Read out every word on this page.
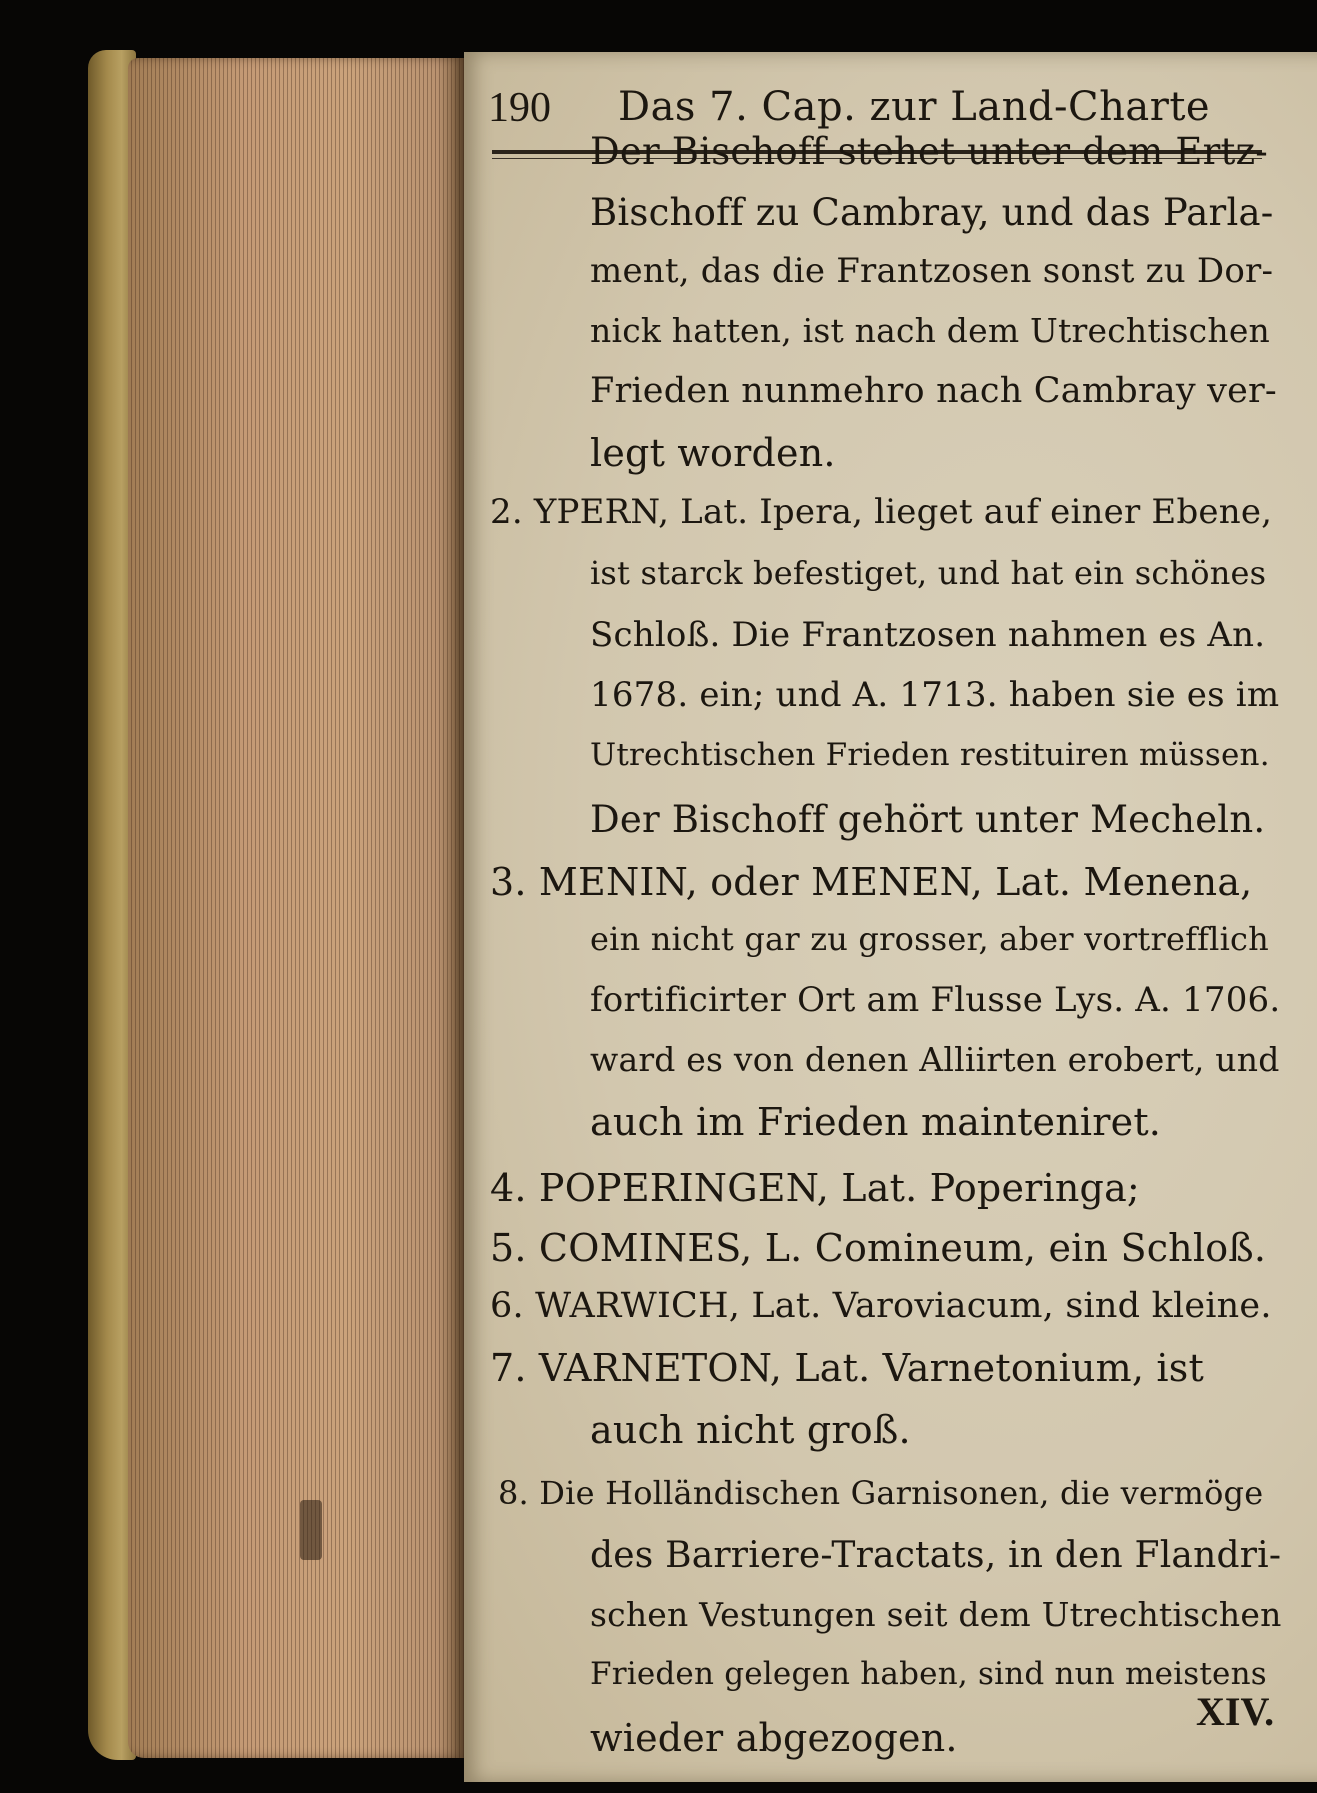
190 Das 7. Cap. zur Land-Charte
Der Bischoff stehet unter dem Ertz-
Bischoff zu Cambray, und das Parla-
ment, das die Frantzosen sonst zu Dor-
nick hatten, ist nach dem Utrechtischen
Frieden nunmehro nach Cambray ver-
legt worden.
2. YPERN, Lat. Ipera, lieget auf einer Ebene,
ist starck befestiget, und hat ein schönes
Schloß. Die Frantzosen nahmen es An.
1678. ein; und A. 1713. haben sie es im
Utrechtischen Frieden restituiren müssen.
Der Bischoff gehört unter Mecheln.
3. MENIN, oder MENEN, Lat. Menena,
ein nicht gar zu grosser, aber vortrefflich
fortificirter Ort am Flusse Lys. A. 1706.
ward es von denen Alliirten erobert, und
auch im Frieden mainteniret.
4. POPERINGEN, Lat. Poperinga;
5. COMINES, L. Comineum, ein Schloß.
6. WARWICH, Lat. Varoviacum, sind kleine.
7. VARNETON, Lat. Varnetonium, ist
auch nicht groß.
8. Die Holländischen Garnisonen, die vermöge
des Barriere-Tractats, in den Flandri-
schen Vestungen seit dem Utrechtischen
Frieden gelegen haben, sind nun meistens
wieder abgezogen.
XIV.
